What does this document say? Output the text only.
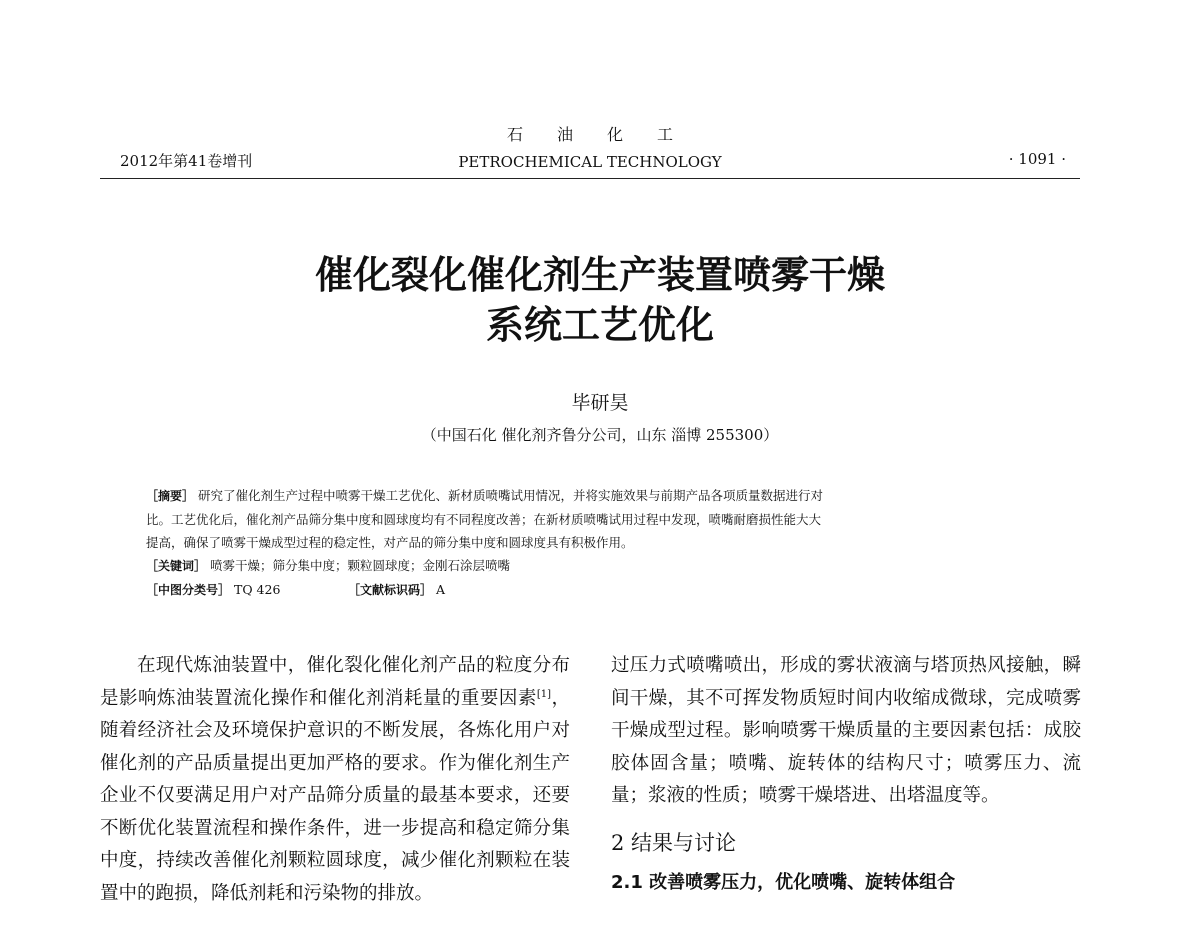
2012年第41卷增刊
石油化工
PETROCHEMICAL TECHNOLOGY	· 1091 ·
催化裂化催化剂生产装置喷雾干燥
系统工艺优化
毕研昊
（中国石化 催化剂齐鲁分公司，山东 淄博 255300）
［摘要］ 研究了催化剂生产过程中喷雾干燥工艺优化、新材质喷嘴试用情况，并将实施效果与前期产品各项质量数据进行对
比。工艺优化后，催化剂产品筛分集中度和圆球度均有不同程度改善；在新材质喷嘴试用过程中发现，喷嘴耐磨损性能大大
提高，确保了喷雾干燥成型过程的稳定性，对产品的筛分集中度和圆球度具有积极作用。
［关键词］ 喷雾干燥；筛分集中度；颗粒圆球度；金刚石涂层喷嘴
［中图分类号］ TQ 426	［文献标识码］ A

在现代炼油装置中，催化裂化催化剂产品的粒度分布是影响炼油装置流化操作和催化剂消耗量的重要因素[1]，随着经济社会及环境保护意识的不断发展，各炼化用户对催化剂的产品质量提出更加严格的要求。作为催化剂生产企业不仅要满足用户对产品筛分质量的最基本要求，还要不断优化装置流程和操作条件，进一步提高和稳定筛分集中度，持续改善催化剂颗粒圆球度，减少催化剂颗粒在装置中的跑损，降低剂耗和污染物的排放。

过压力式喷嘴喷出，形成的雾状液滴与塔顶热风接触，瞬间干燥，其不可挥发物质短时间内收缩成微球，完成喷雾干燥成型过程。影响喷雾干燥质量的主要因素包括：成胶胶体固含量；喷嘴、旋转体的结构尺寸；喷雾压力、流量；浆液的性质；喷雾干燥塔进、出塔温度等。

2 结果与讨论

2.1 改善喷雾压力，优化喷嘴、旋转体组合
